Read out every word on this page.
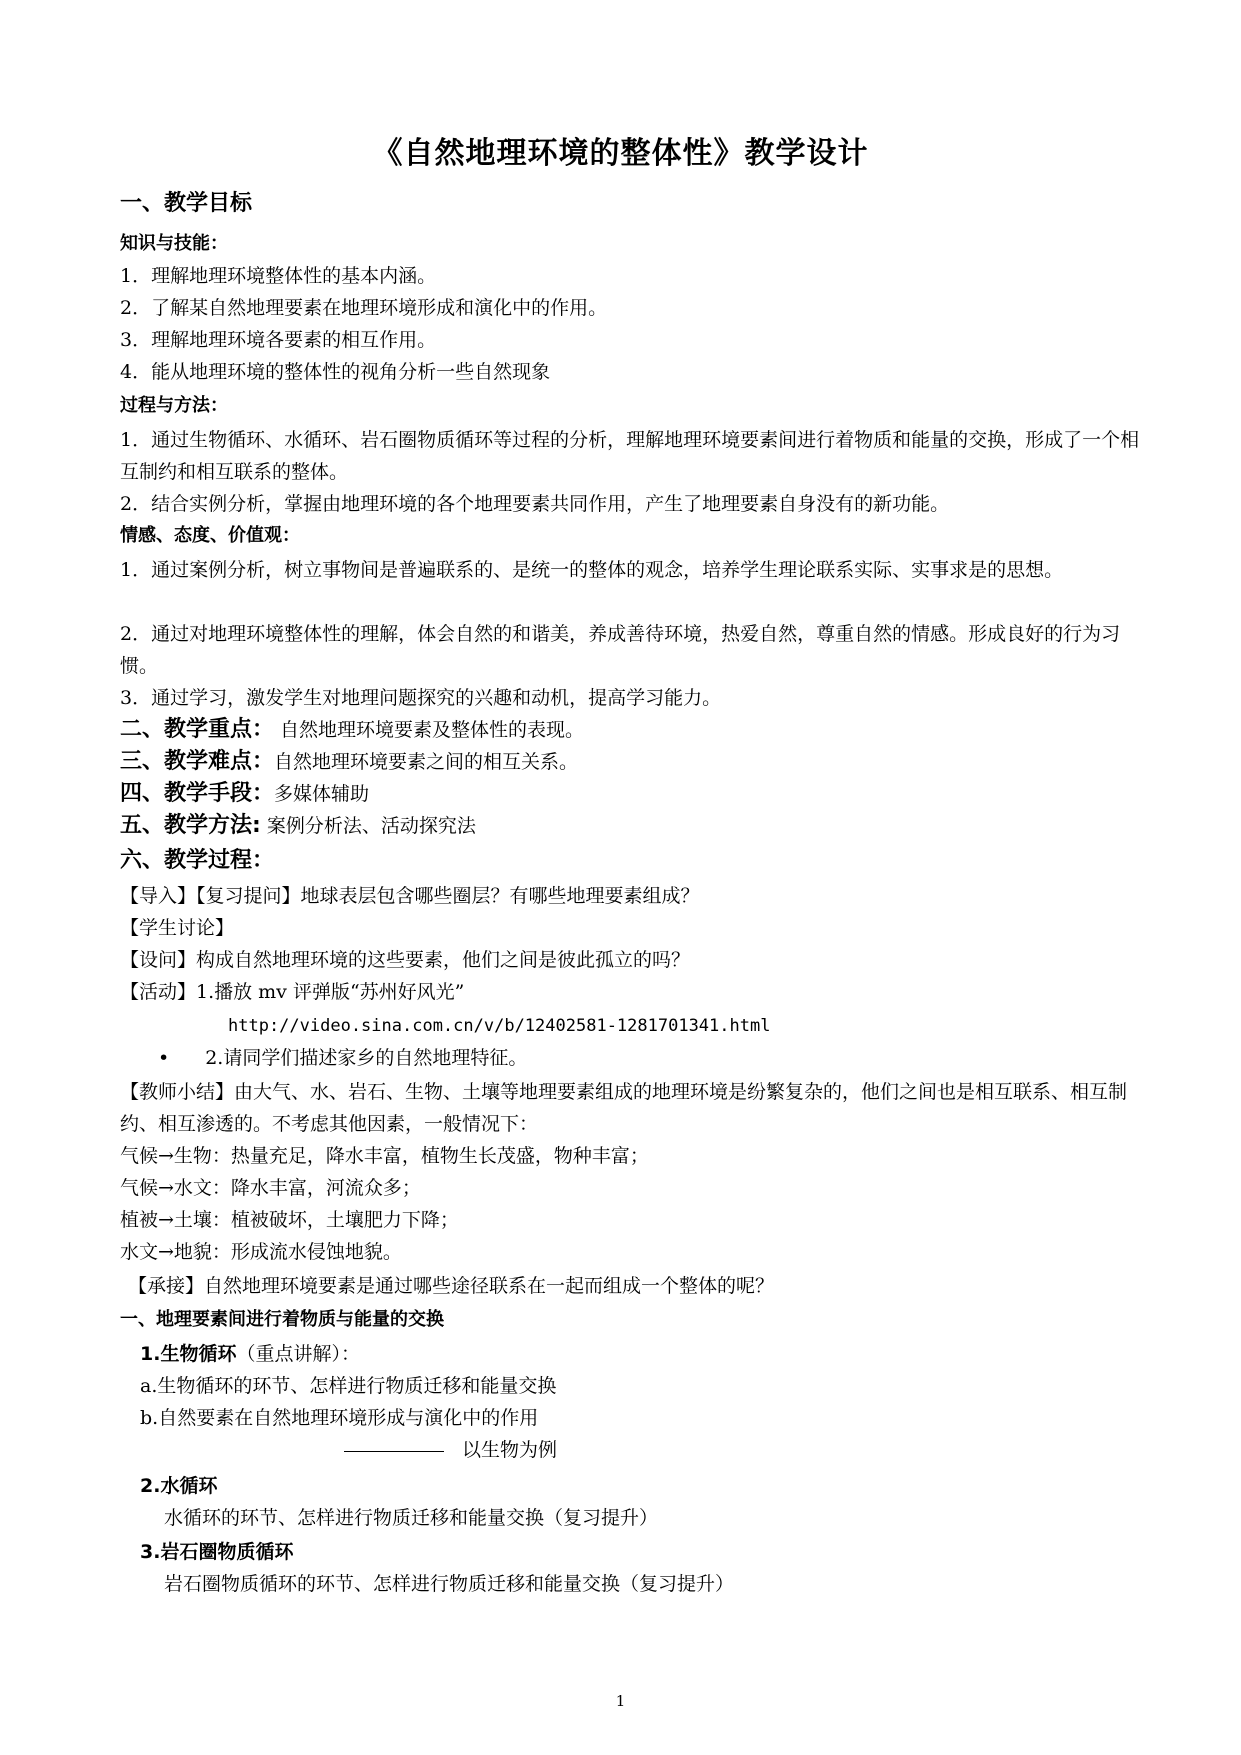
《自然地理环境的整体性》教学设计
一、教学目标
知识与技能：
1．理解地理环境整体性的基本内涵。
2．了解某自然地理要素在地理环境形成和演化中的作用。
3．理解地理环境各要素的相互作用。
4．能从地理环境的整体性的视角分析一些自然现象
过程与方法：
1．通过生物循环、水循环、岩石圈物质循环等过程的分析，理解地理环境要素间进行着物质和能量的交换，形成了一个相互制约和相互联系的整体。
2．结合实例分析，掌握由地理环境的各个地理要素共同作用，产生了地理要素自身没有的新功能。
情感、态度、价值观：
1．通过案例分析，树立事物间是普遍联系的、是统一的整体的观念，培养学生理论联系实际、实事求是的思想。
2．通过对地理环境整体性的理解，体会自然的和谐美，养成善待环境，热爱自然，尊重自然的情感。形成良好的行为习惯。
3．通过学习，激发学生对地理问题探究的兴趣和动机，提高学习能力。
二、教学重点： 自然地理环境要素及整体性的表现。
三、教学难点：自然地理环境要素之间的相互关系。
四、教学手段：多媒体辅助
五、教学方法: 案例分析法、活动探究法
六、教学过程：
【导入】【复习提问】地球表层包含哪些圈层？有哪些地理要素组成？
【学生讨论】
【设问】构成自然地理环境的这些要素，他们之间是彼此孤立的吗？
【活动】1.播放 mv 评弹版“苏州好风光”
http://video.sina.com.cn/v/b/12402581-1281701341.html
• 2.请同学们描述家乡的自然地理特征。
【教师小结】由大气、水、岩石、生物、土壤等地理要素组成的地理环境是纷繁复杂的，他们之间也是相互联系、相互制约、相互渗透的。不考虑其他因素，一般情况下：
气候→生物：热量充足，降水丰富，植物生长茂盛，物种丰富；
气候→水文：降水丰富，河流众多；
植被→土壤：植被破坏，土壤肥力下降；
水文→地貌：形成流水侵蚀地貌。
【承接】自然地理环境要素是通过哪些途径联系在一起而组成一个整体的呢？
一、地理要素间进行着物质与能量的交换
1.生物循环（重点讲解）：
a.生物循环的环节、怎样进行物质迁移和能量交换
b.自然要素在自然地理环境形成与演化中的作用
以生物为例
2.水循环
水循环的环节、怎样进行物质迁移和能量交换（复习提升）
3.岩石圈物质循环
岩石圈物质循环的环节、怎样进行物质迁移和能量交换（复习提升）
1
